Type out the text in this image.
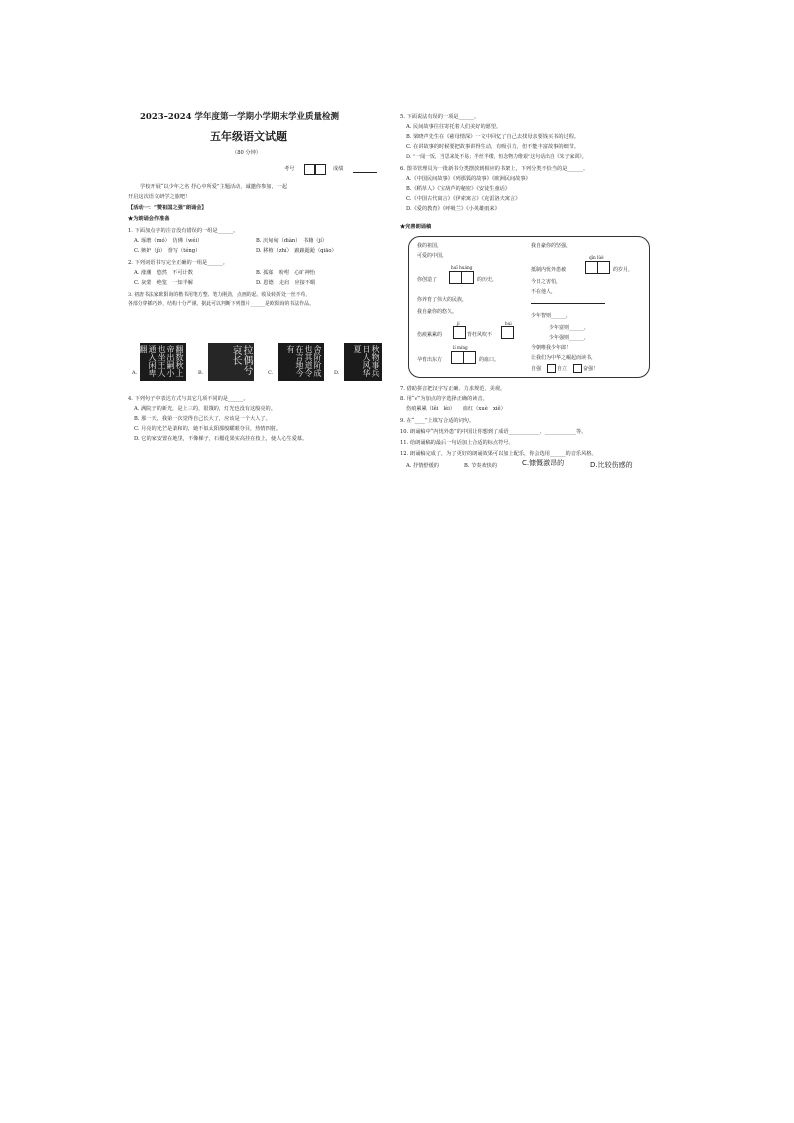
2023–2024 学年度第一学期小学期末学业质量检测
五年级语文试题
（80 分钟）
考号	成绩
学校开展“以少年之名 抒心中所爱”主题活动，诚邀你参加，一起
开启这次语文研学之旅吧！
【活动一：“赞祖国之强”朗诵会】
★为朗诵会作准备
1. 下面加点字的注音没有错误的一组是______。
A. 琢磨（mó）　仿佛（wéi）	B. 沉甸甸（diàn）　书籍（jí）
C. 嫉妒（jì）　誊写（téng）	D. 移植（zhí）　踉踉跄跄（qiāo）
2. 下列词语书写完全正确的一组是______。
A. 涨潮　悠然　不可计数	B. 孤寡　吩咐　心旷神怡
C. 灰蒙　绝览　一知半解	D. 恩德　走肩　应接不暇
3. 初唐书法家欧阳询的楷书用笔方整、笔力刚劲，点画的起、收及转折处一丝不苟，
各部分穿插巧妙，结构十分严谨。据此可以判断下列图片______是欧阳询的书法作品。
A.	翻数秋上帝出嗣小也坐王人通入闲卑翻
B.	拉偶兮哀长
C.	舍阶阶成也其道令在言地今有
D.	秋物事兵日人风华夏
4. 下列句子中表达方式与其它几项不同的是______。
A. 满院子的新光，是上三的，很饿的，灯光也没有这般亮的。
B. 那一天，我第一次觉得自己长大了，应该是一个大人了。
C. 月亮的光芒是柔和的，她不似太阳那般耀眼夺目，热情四射。
D. 它的家安置在地里，不像梯子，石榴花果实高挂在枝上，使人心生爱慕。
5. 下面说法有误的一项是______。
A. 民间故事往往寄托着人们美好的愿望。
B. 梁晓声先生在《慈母情深》一文中回忆了自己去找母亲要钱买书的过程。
C. 在讲故事的时候要把故事讲得生动，有吸引力，但不能丰富故事的细节。
D. “一闻一饭，当思来处不易；半丝半缕，恒念物力维艰”这句话出自《朱子家训》。
6. 图书管理员为一批新书分类摆放到相应的书架上，下列分类不恰当的是______。
A.《中国民间故事》《列那狐的故事》《欧洲民间故事》
B.《稻草人》《宝葫芦的秘密》《安徒生童话》
C.《中国古代寓言》《伊索寓言》《克雷洛夫寓言》
D.《爱的教育》《呼吸兰》《小英雄雨来》
★完善朗诵稿
我的祖国，
可爱的中国，
huī huáng
你创造了	的历史，
你养育了伟大的民族，
我自豪你的悠久。
jí	huì
伤痕累累的	背枉风吹不
lí míng
孕育出东方	的血口。
我自豪你的坚强，
qīn lüè
抵制内忧外患被	的岁月，
今日之害怕，
不在他人，
少年智则______，
少年富则______，
少年强则______，
今朝唯我少年郎！
让我们为中华之崛起而读书，
自强	自立	奋强！
7. 借助拼音把汉字写正确、力求规范、美观。
8. 用“√”为加点的字选择正确的读音。
伤痕累累（lěi　lèi）　　血红（xuè　xiě）
9. 在“____”上填写合适的词句。
10. 朗诵稿中“内忧外患”的中国让你想到了成语____________、____________等。
11. 给朗诵稿的最后一句话加上合适的标点符号。
12. 朗诵稿完成了，为了更好的朗诵效果可以加上配乐，你会选用______的音乐风格。
A. 抒情舒缓的	B. 节奏欢快的	C.慷慨激昂的	D.比较伤感的
